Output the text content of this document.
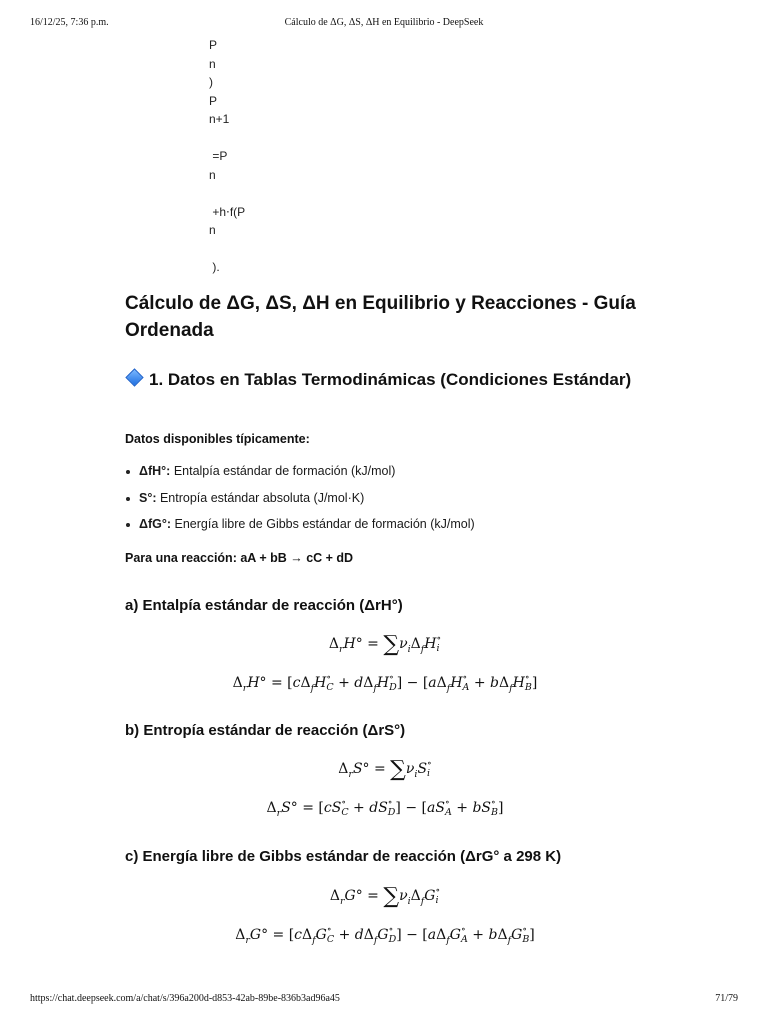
16/12/25, 7:36 p.m.	Cálculo de ΔG, ΔS, ΔH en Equilibrio - DeepSeek
P
n
)
P
n+1
=P
n
+h⋅f(P
n
).
Cálculo de ΔG, ΔS, ΔH en Equilibrio y Reacciones - Guía Ordenada
1. Datos en Tablas Termodinámicas (Condiciones Estándar)
Datos disponibles típicamente:
ΔfH°: Entalpía estándar de formación (kJ/mol)
S°: Entropía estándar absoluta (J/mol·K)
ΔfG°: Energía libre de Gibbs estándar de formación (kJ/mol)
Para una reacción: aA + bB → cC + dD
a) Entalpía estándar de reacción (ΔrH°)
$\Delta_rH^\circ = \sum\nu_i\Delta_fH$ ∘
i
$\Delta_rH^\circ = [c\Delta_fH$ ∘
$C + d\Delta_fH$ ∘
D ] − [$a\Delta_fH$ ∘
$A + b\Delta_fH$ ∘
B ]
b) Entropía estándar de reacción (ΔrS°)
$\Delta_rS^\circ = \sum\nu_iS$ ∘
i
$\Delta_rS^\circ = [cS$ ∘
C + dS ∘
D ] − [aS ∘
A + bS ∘
B ]
c) Energía libre de Gibbs estándar de reacción (ΔrG° a 298 K)
$\Delta_rG^\circ = \sum\nu_i\Delta_fG$ ∘
i
$\Delta_rG^\circ = [c\Delta_fG$ ∘
$C + d\Delta_fG$ ∘
D ] − [$a\Delta_fG$ ∘
$A + b\Delta_fG$ ∘
B ]
https://chat.deepseek.com/a/chat/s/396a200d-d853-42ab-89be-836b3ad96a45	71/79
